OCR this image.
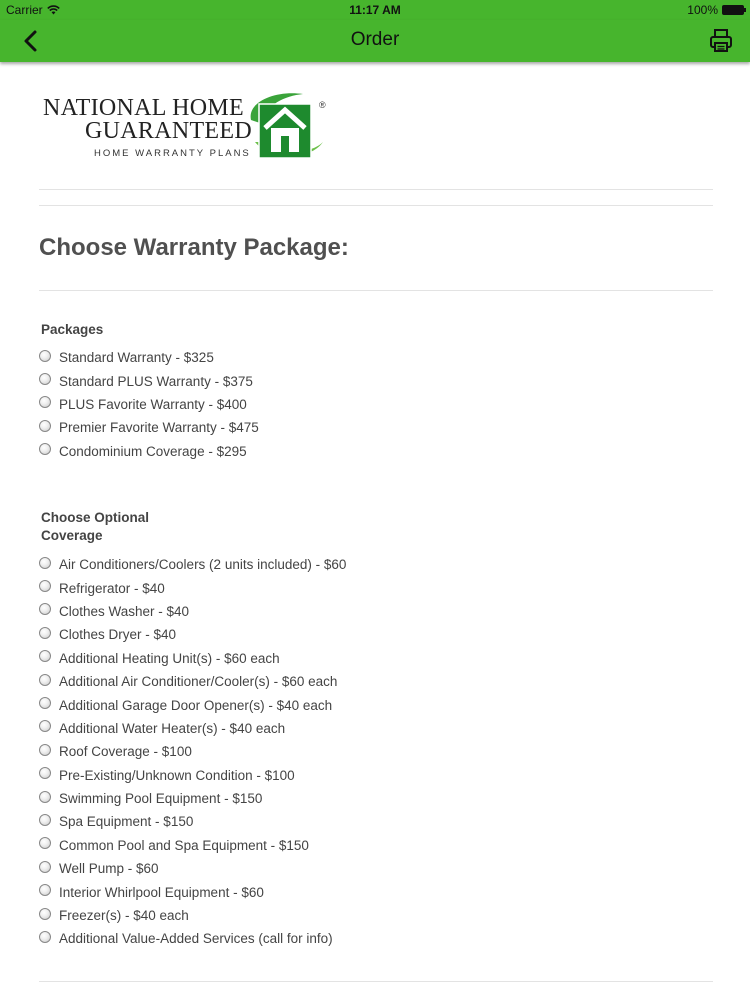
Carrier	11:17 AM	100%
Order
NATIONAL HOME
GUARANTEED
HOME WARRANTY PLANS
®
Choose Warranty Package:

Packages

Standard Warranty - $325
Standard PLUS Warranty - $375
PLUS Favorite Warranty - $400
Premier Favorite Warranty - $475
Condominium Coverage - $295

Choose Optional
Coverage

Air Conditioners/Coolers (2 units included) - $60
Refrigerator - $40
Clothes Washer - $40
Clothes Dryer - $40
Additional Heating Unit(s) - $60 each
Additional Air Conditioner/Cooler(s) - $60 each
Additional Garage Door Opener(s) - $40 each
Additional Water Heater(s) - $40 each
Roof Coverage - $100
Pre-Existing/Unknown Condition - $100
Swimming Pool Equipment - $150
Spa Equipment - $150
Common Pool and Spa Equipment - $150
Well Pump - $60
Interior Whirlpool Equipment - $60
Freezer(s) - $40 each
Additional Value-Added Services (call for info)
